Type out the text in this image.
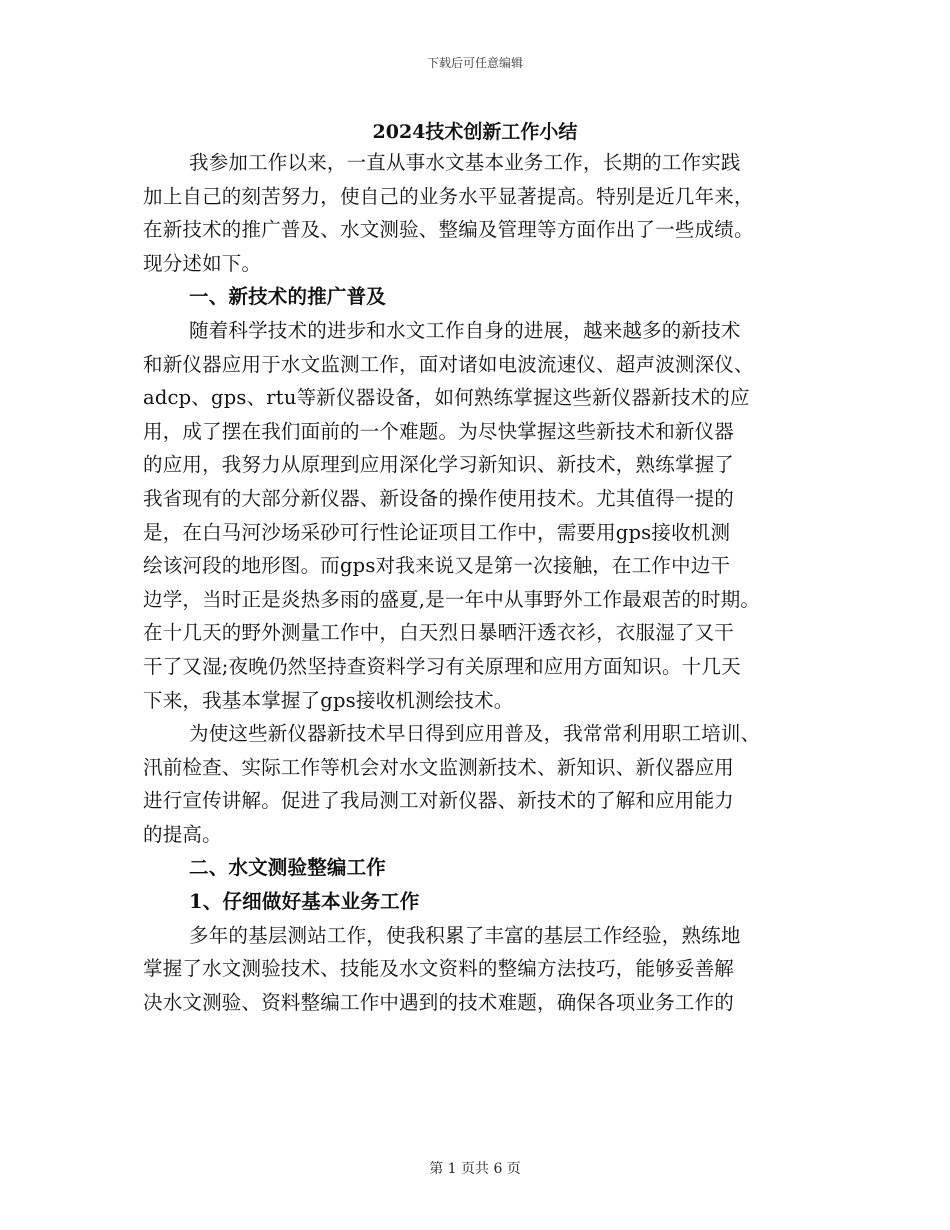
下载后可任意编辑
2024技术创新工作小结
我参加工作以来，一直从事水文基本业务工作，长期的工作实践
加上自己的刻苦努力，使自己的业务水平显著提高。特别是近几年来，
在新技术的推广普及、水文测验、整编及管理等方面作出了一些成绩。
现分述如下。
一、新技术的推广普及
随着科学技术的进步和水文工作自身的进展，越来越多的新技术
和新仪器应用于水文监测工作，面对诸如电波流速仪、超声波测深仪、
adcp、gps、rtu等新仪器设备，如何熟练掌握这些新仪器新技术的应
用，成了摆在我们面前的一个难题。为尽快掌握这些新技术和新仪器
的应用，我努力从原理到应用深化学习新知识、新技术，熟练掌握了
我省现有的大部分新仪器、新设备的操作使用技术。尤其值得一提的
是，在白马河沙场采砂可行性论证项目工作中，需要用gps接收机测
绘该河段的地形图。而gps对我来说又是第一次接触，在工作中边干
边学，当时正是炎热多雨的盛夏,是一年中从事野外工作最艰苦的时期。
在十几天的野外测量工作中，白天烈日暴晒汗透衣衫，衣服湿了又干
干了又湿;夜晚仍然坚持查资料学习有关原理和应用方面知识。十几天
下来，我基本掌握了gps接收机测绘技术。
为使这些新仪器新技术早日得到应用普及，我常常利用职工培训、
汛前检查、实际工作等机会对水文监测新技术、新知识、新仪器应用
进行宣传讲解。促进了我局测工对新仪器、新技术的了解和应用能力
的提高。
二、水文测验整编工作
1、仔细做好基本业务工作
多年的基层测站工作，使我积累了丰富的基层工作经验，熟练地
掌握了水文测验技术、技能及水文资料的整编方法技巧，能够妥善解
决水文测验、资料整编工作中遇到的技术难题，确保各项业务工作的
第 1 页共 6 页
